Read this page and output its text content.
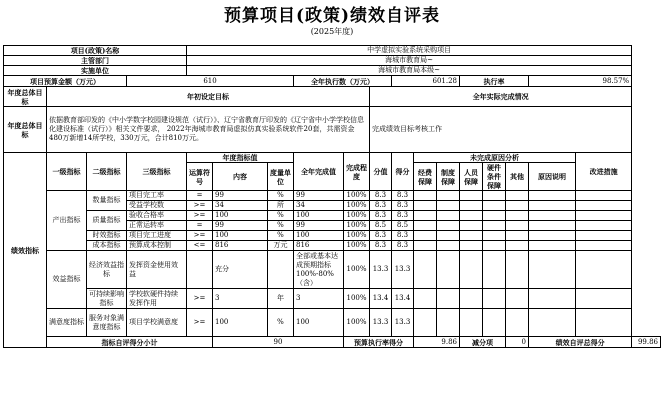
预算项目(政策)绩效自评表
(2025年度)
项目(政策)名称				中学虚拟实验系统采购项目														
主管部门				海城市教育局~														
实施单位				海城市教育局本级~														
项目预算金额（万元）			610				全年执行数（万元）			601.28			执行率			98.57%		
年度总体目标	年初设定目标								全年实际完成情况									
年度总体目标	依据教育部印发的《中小学数字校园建设规范（试行）》、辽宁省教育厅印发的《辽宁省中小学学校信息化建设标准（试行）》相关文件要求， 2022年海城市教育局虚拟仿真实验系统软件20套，共需资金480万新增14所学校，330万元，合计810万元。								完成绩效目标考核工作									
绩效指标	一级指标	二级指标	三级指标	年度指标值			全年完成值	完成程度	分值	得分	未完成原因分析						改进措施	
				运算符号	内容	度量单位					经费保障	制度保障	人员保障	硬件条件保障	其他	原因说明		
	产出指标	数量指标	项目完工率	=	99	%	99	100%	8.3	8.3								
			受益学校数	>=	34	所	34	100%	8.3	8.3								
		质量指标	验收合格率	>=	100	%	100	100%	8.3	8.3								
			正常运转率	=	99	%	99	100%	8.5	8.5								
		时效指标	项目完工进度	>=	100	%	100	100%	8.3	8.3								
		成本指标	预算成本控制	<=	816	万元	816	100%	8.3	8.3								
	效益指标	经济效益指标	发挥资金使用效益		充分		全部或基本达成预期指标100%-80%（含）	100%	13.3	13.3								
		可持续影响指标	学校软硬件持续发挥作用	>=	3	年	3	100%	13.4	13.4								
	满意度指标	服务对象满意度指标	项目学校满意度	>=	100	%	100	100%	13.3	13.3								
	指标自评得分小计				90			预算执行率得分			9.86		减分项		0	绩效自评总得分		99.86
